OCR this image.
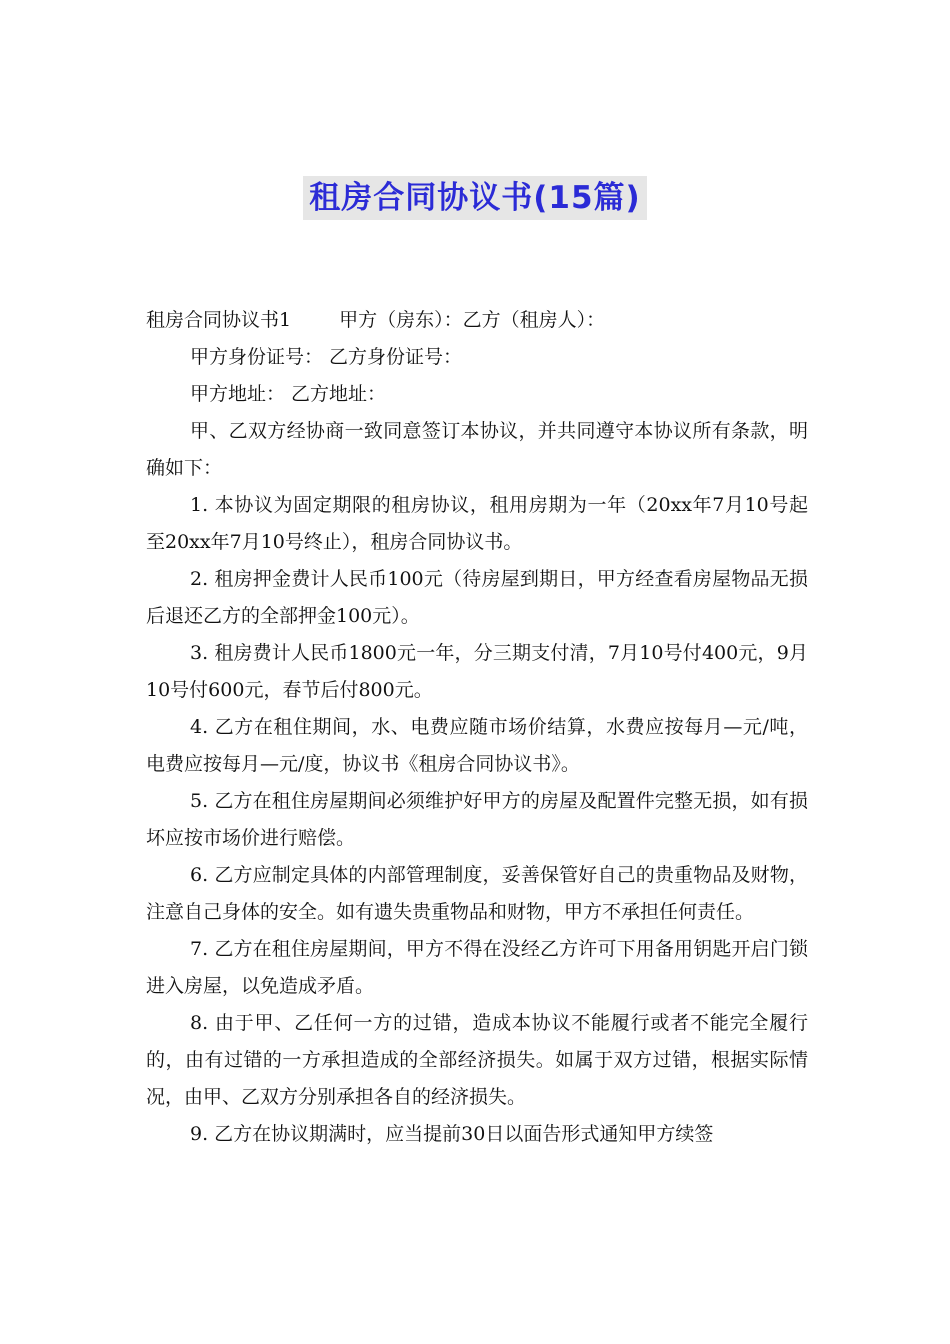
租房合同协议书(15篇)

租房合同协议书1	甲方（房东）：乙方（租房人）：

甲方身份证号： 乙方身份证号：

甲方地址： 乙方地址：

甲、乙双方经协商一致同意签订本协议，并共同遵守本协议所有条款，明确如下：

1. 本协议为固定期限的租房协议，租用房期为一年（20xx年7月10号起至20xx年7月10号终止），租房合同协议书。

2. 租房押金费计人民币100元（待房屋到期日，甲方经查看房屋物品无损后退还乙方的全部押金100元）。

3. 租房费计人民币1800元一年，分三期支付清，7月10号付400元，9月10号付600元，春节后付800元。

4. 乙方在租住期间，水、电费应随市场价结算，水费应按每月—元/吨，电费应按每月—元/度，协议书《租房合同协议书》。

5. 乙方在租住房屋期间必须维护好甲方的房屋及配置件完整无损，如有损坏应按市场价进行赔偿。

6. 乙方应制定具体的内部管理制度，妥善保管好自己的贵重物品及财物，注意自己身体的安全。如有遗失贵重物品和财物，甲方不承担任何责任。

7. 乙方在租住房屋期间，甲方不得在没经乙方许可下用备用钥匙开启门锁进入房屋，以免造成矛盾。

8. 由于甲、乙任何一方的过错，造成本协议不能履行或者不能完全履行的，由有过错的一方承担造成的全部经济损失。如属于双方过错，根据实际情况，由甲、乙双方分别承担各自的经济损失。

9. 乙方在协议期满时，应当提前30日以面告形式通知甲方续签
